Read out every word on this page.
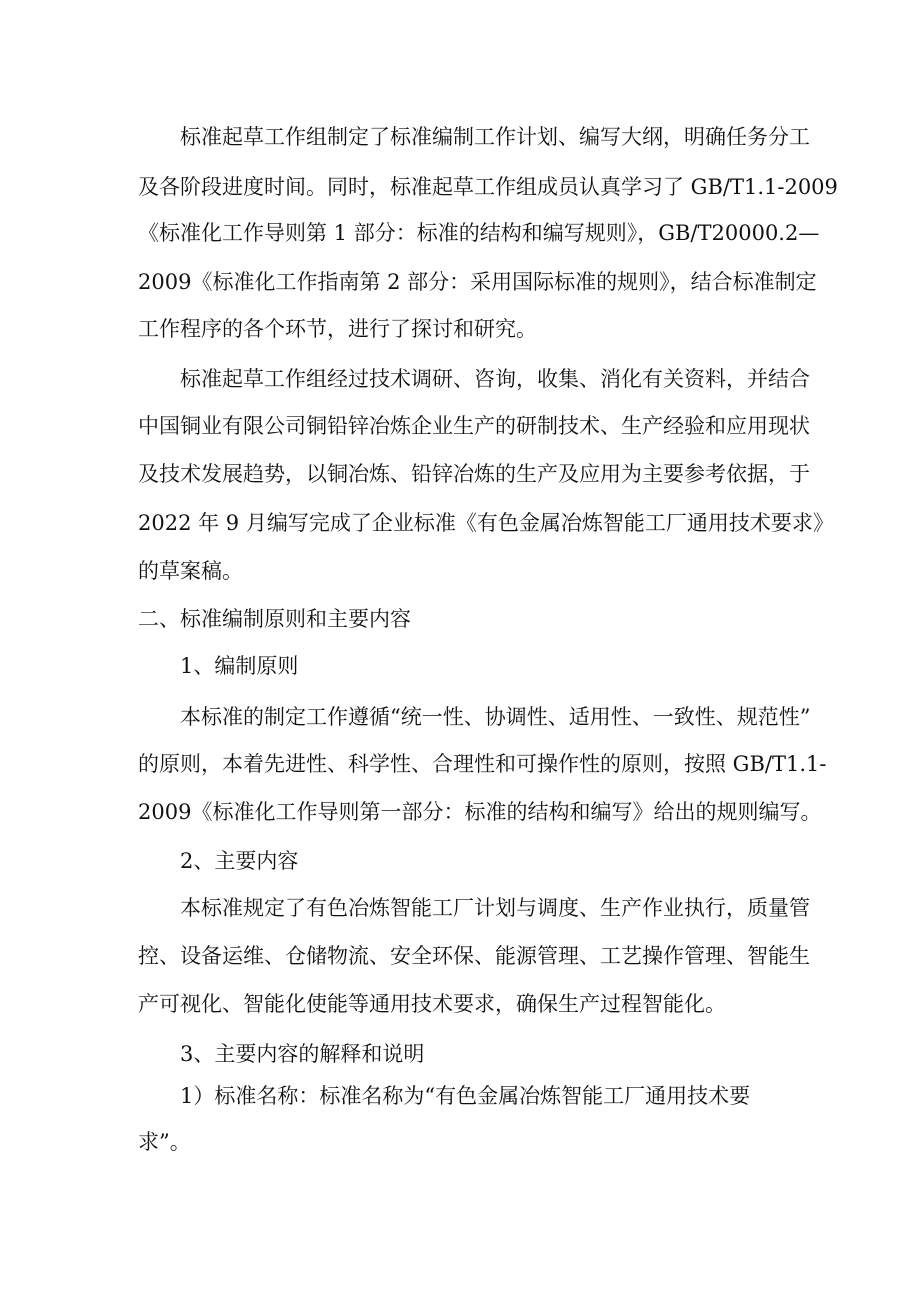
标准起草工作组制定了标准编制工作计划、编写大纲，明确任务分工
及各阶段进度时间。同时，标准起草工作组成员认真学习了 GB/T1.1-2009
《标准化工作导则第 1 部分：标准的结构和编写规则》，GB/T20000.2—
2009《标准化工作指南第 2 部分：采用国际标准的规则》，结合标准制定
工作程序的各个环节，进行了探讨和研究。
标准起草工作组经过技术调研、咨询，收集、消化有关资料，并结合
中国铜业有限公司铜铅锌冶炼企业生产的研制技术、生产经验和应用现状
及技术发展趋势，以铜冶炼、铅锌冶炼的生产及应用为主要参考依据，于
2022 年 9 月编写完成了企业标准《有色金属冶炼智能工厂通用技术要求》
的草案稿。
二、标准编制原则和主要内容
1、编制原则
本标准的制定工作遵循“统一性、协调性、适用性、一致性、规范性”
的原则，本着先进性、科学性、合理性和可操作性的原则，按照 GB/T1.1-
2009《标准化工作导则第一部分：标准的结构和编写》给出的规则编写。
2、主要内容
本标准规定了有色冶炼智能工厂计划与调度、生产作业执行，质量管
控、设备运维、仓储物流、安全环保、能源管理、工艺操作管理、智能生
产可视化、智能化使能等通用技术要求，确保生产过程智能化。
3、主要内容的解释和说明
1）标准名称：标准名称为“有色金属冶炼智能工厂通用技术要
求”。
